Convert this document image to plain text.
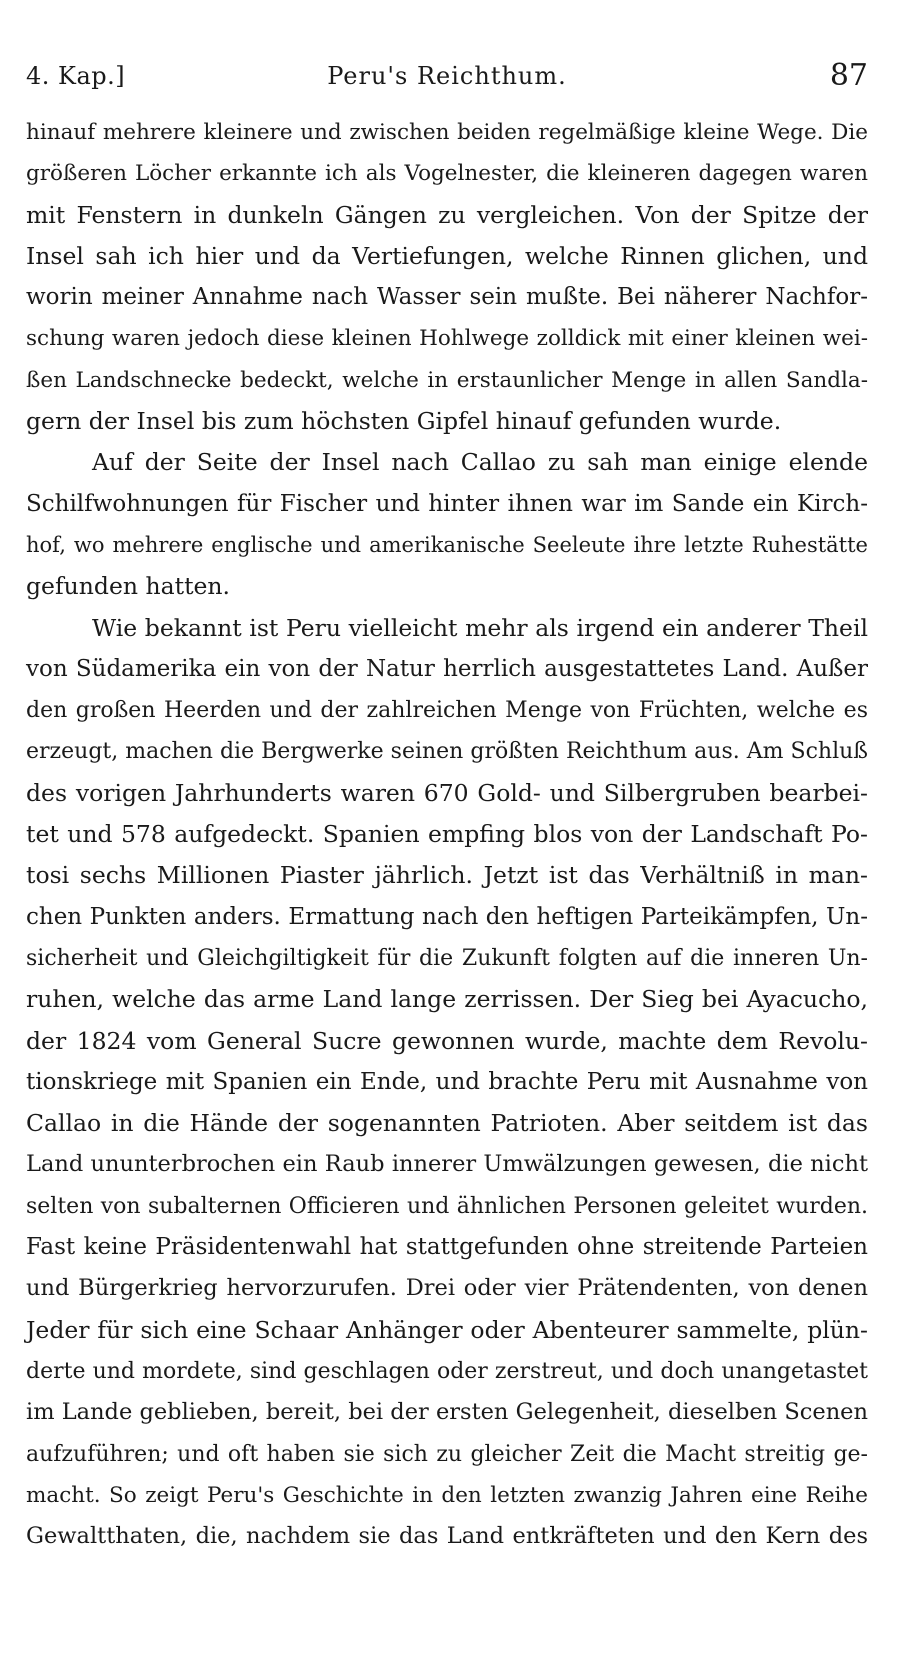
4. Kap.]	Peru's Reichthum.	87
hinauf mehrere kleinere und zwischen beiden regelmäßige kleine Wege. Die
größeren Löcher erkannte ich als Vogelnester, die kleineren dagegen waren
mit Fenstern in dunkeln Gängen zu vergleichen. Von der Spitze der
Insel sah ich hier und da Vertiefungen, welche Rinnen glichen, und
worin meiner Annahme nach Wasser sein mußte. Bei näherer Nachfor-
schung waren jedoch diese kleinen Hohlwege zolldick mit einer kleinen wei-
ßen Landschnecke bedeckt, welche in erstaunlicher Menge in allen Sandla-
gern der Insel bis zum höchsten Gipfel hinauf gefunden wurde.
Auf der Seite der Insel nach Callao zu sah man einige elende
Schilfwohnungen für Fischer und hinter ihnen war im Sande ein Kirch-
hof, wo mehrere englische und amerikanische Seeleute ihre letzte Ruhestätte
gefunden hatten.
Wie bekannt ist Peru vielleicht mehr als irgend ein anderer Theil
von Südamerika ein von der Natur herrlich ausgestattetes Land. Außer
den großen Heerden und der zahlreichen Menge von Früchten, welche es
erzeugt, machen die Bergwerke seinen größten Reichthum aus. Am Schluß
des vorigen Jahrhunderts waren 670 Gold- und Silbergruben bearbei-
tet und 578 aufgedeckt. Spanien empfing blos von der Landschaft Po-
tosi sechs Millionen Piaster jährlich. Jetzt ist das Verhältniß in man-
chen Punkten anders. Ermattung nach den heftigen Parteikämpfen, Un-
sicherheit und Gleichgiltigkeit für die Zukunft folgten auf die inneren Un-
ruhen, welche das arme Land lange zerrissen. Der Sieg bei Ayacucho,
der 1824 vom General Sucre gewonnen wurde, machte dem Revolu-
tionskriege mit Spanien ein Ende, und brachte Peru mit Ausnahme von
Callao in die Hände der sogenannten Patrioten. Aber seitdem ist das
Land ununterbrochen ein Raub innerer Umwälzungen gewesen, die nicht
selten von subalternen Officieren und ähnlichen Personen geleitet wurden.
Fast keine Präsidentenwahl hat stattgefunden ohne streitende Parteien
und Bürgerkrieg hervorzurufen. Drei oder vier Prätendenten, von denen
Jeder für sich eine Schaar Anhänger oder Abenteurer sammelte, plün-
derte und mordete, sind geschlagen oder zerstreut, und doch unangetastet
im Lande geblieben, bereit, bei der ersten Gelegenheit, dieselben Scenen
aufzuführen; und oft haben sie sich zu gleicher Zeit die Macht streitig ge-
macht. So zeigt Peru's Geschichte in den letzten zwanzig Jahren eine Reihe
Gewaltthaten, die, nachdem sie das Land entkräfteten und den Kern des
